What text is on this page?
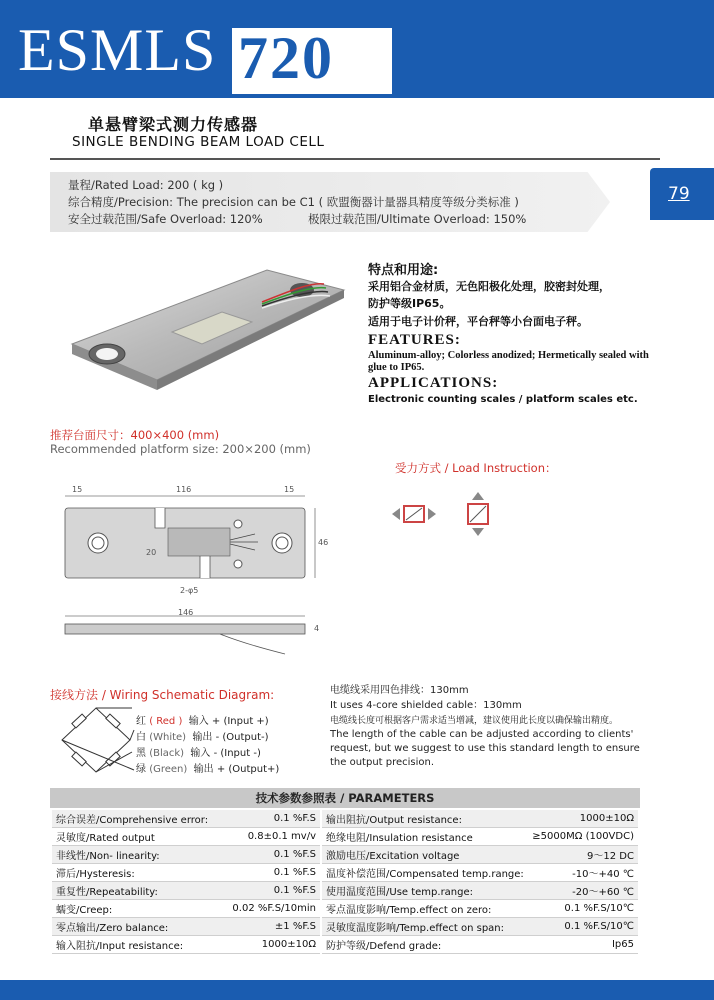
ESMLS 720
单悬臂梁式测力传感器
SINGLE BENDING BEAM LOAD CELL
量程/Rated Load: 200 ( kg )
综合精度/Precision: The precision can be C1 ( 欧盟衡器计量器具精度等级分类标准 )
安全过载范围/Safe Overload: 120%	极限过载范围/Ultimate Overload: 150%
79
特点和用途:
采用铝合金材质，无色阳极化处理，胶密封处理，
防护等级IP65。
适用于电子计价秤，平台秤等小台面电子秤。
FEATURES:
Aluminum-alloy; Colorless anodized; Hermetically sealed with glue to IP65.
APPLICATIONS:
Electronic counting scales / platform scales etc.
推荐台面尺寸：400×400 (mm)
Recommended platform size: 200×200 (mm)
受力方式 / Load Instruction：
15	116	15
46
20
2-φ5
146
4
接线方法 / Wiring Schematic Diagram:
红 ( Red ) 输入 + (Input +)
白 (White) 输出 - (Output-)
黑 (Black) 输入 - (Input -)
绿 (Green) 输出 + (Output+)
电缆线采用四色排线：130mm
It uses 4-core shielded cable：130mm
电缆线长度可根据客户需求适当增减，建议使用此长度以确保输出精度。
The length of the cable can be adjusted according to clients' request, but we suggest to use this standard length to ensure the output precision.
技术参数参照表 / PARAMETERS
综合误差/Comprehensive error:	0.1 %F.S
灵敏度/Rated output	0.8±0.1 mv/v
非线性/Non- linearity:	0.1 %F.S
滞后/Hysteresis:	0.1 %F.S
重复性/Repeatability:	0.1 %F.S
蠕变/Creep:	0.02 %F.S/10min
零点输出/Zero balance:	±1 %F.S
输入阻抗/Input resistance:	1000±10Ω
输出阻抗/Output resistance:	1000±10Ω
绝缘电阻/Insulation resistance	≥5000MΩ (100VDC)
激励电压/Excitation voltage	9～12 DC
温度补偿范围/Compensated temp.range:	-10～+40 ℃
使用温度范围/Use temp.range:	-20～+60 ℃
零点温度影响/Temp.effect on zero:	0.1 %F.S/10℃
灵敏度温度影响/Temp.effect on span:	0.1 %F.S/10℃
防护等级/Defend grade:	Ip65
